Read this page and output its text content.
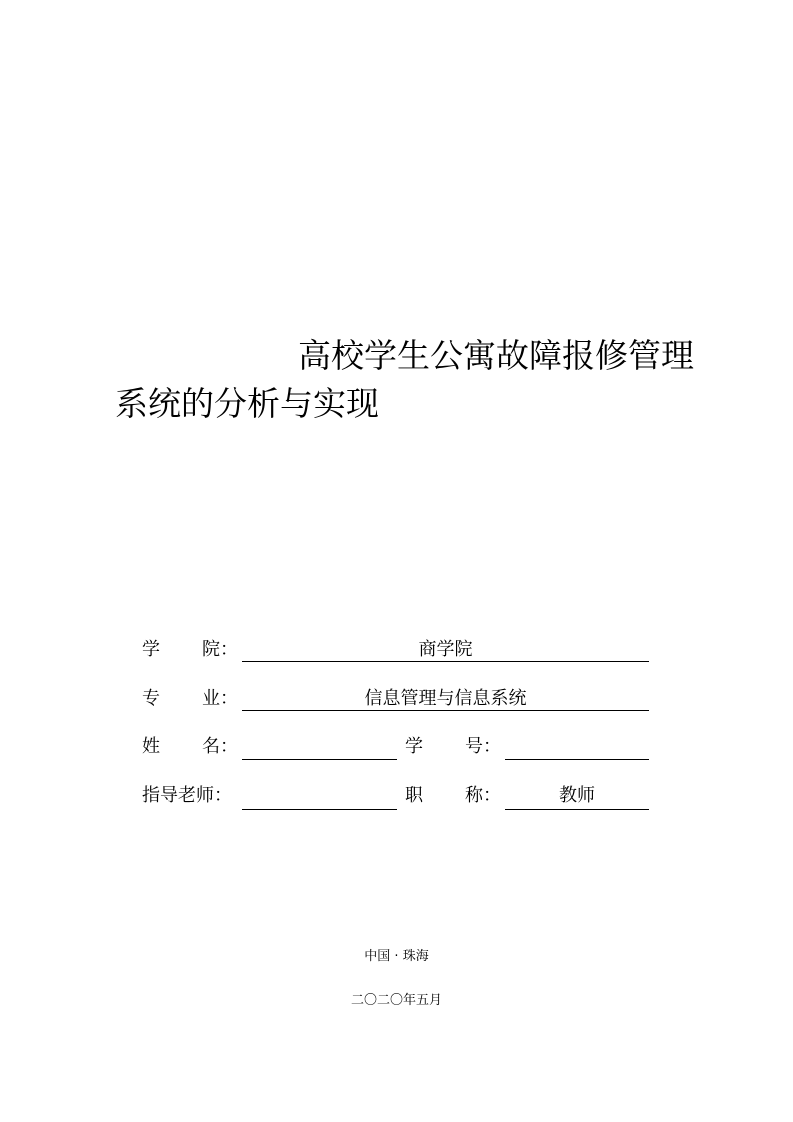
高校学生公寓故障报修管理
系统的分析与实现
学 院：	商学院
专 业：	信息管理与信息系统
姓 名：	学 号：
指导老师：	职 称：	教师
中国 · 珠海
二〇二〇年五月
